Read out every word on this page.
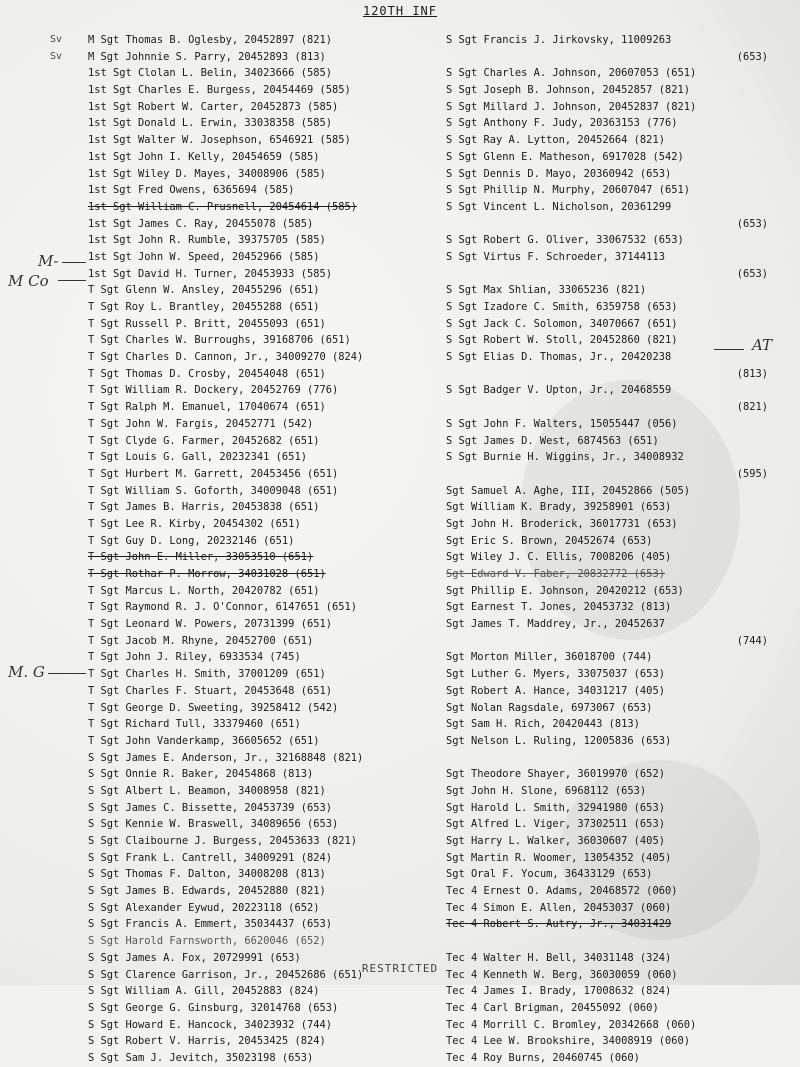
120TH INF
Sv
Sv
M Sgt Thomas B. Oglesby, 20452897 (821)
M Sgt Johnnie S. Parry, 20452893 (813)
1st Sgt Clolan L. Belin, 34023666 (585)
1st Sgt Charles E. Burgess, 20454469 (585)
1st Sgt Robert W. Carter, 20452873 (585)
1st Sgt Donald L. Erwin, 33038358 (585)
1st Sgt Walter W. Josephson, 6546921 (585)
1st Sgt John I. Kelly, 20454659 (585)
1st Sgt Wiley D. Mayes, 34008906 (585)
1st Sgt Fred Owens, 6365694 (585)
1st Sgt William C. Prusnell, 20454614 (585)
1st Sgt James C. Ray, 20455078 (585)
1st Sgt John R. Rumble, 39375705 (585)
1st Sgt John W. Speed, 20452966 (585)
1st Sgt David H. Turner, 20453933 (585)
T Sgt Glenn W. Ansley, 20455296 (651)
T Sgt Roy L. Brantley, 20455288 (651)
T Sgt Russell P. Britt, 20455093 (651)
T Sgt Charles W. Burroughs, 39168706 (651)
T Sgt Charles D. Cannon, Jr., 34009270 (824)
T Sgt Thomas D. Crosby, 20454048 (651)
T Sgt William R. Dockery, 20452769 (776)
T Sgt Ralph M. Emanuel, 17040674 (651)
T Sgt John W. Fargis, 20452771 (542)
T Sgt Clyde G. Farmer, 20452682 (651)
T Sgt Louis G. Gall, 20232341 (651)
T Sgt Hurbert M. Garrett, 20453456 (651)
T Sgt William S. Goforth, 34009048 (651)
T Sgt James B. Harris, 20453838 (651)
T Sgt Lee R. Kirby, 20454302 (651)
T Sgt Guy D. Long, 20232146 (651)
T Sgt John E. Miller, 33053510 (651)
T Sgt Rothar P. Morrow, 34031028 (651)
T Sgt Marcus L. North, 20420782 (651)
T Sgt Raymond R. J. O'Connor, 6147651 (651)
T Sgt Leonard W. Powers, 20731399 (651)
T Sgt Jacob M. Rhyne, 20452700 (651)
T Sgt John J. Riley, 6933534 (745)
T Sgt Charles H. Smith, 37001209 (651)
T Sgt Charles F. Stuart, 20453648 (651)
T Sgt George D. Sweeting, 39258412 (542)
T Sgt Richard Tull, 33379460 (651)
T Sgt John Vanderkamp, 36605652 (651)
S Sgt James E. Anderson, Jr., 32168848 (821)
S Sgt Onnie R. Baker, 20454868 (813)
S Sgt Albert L. Beamon, 34008958 (821)
S Sgt James C. Bissette, 20453739 (653)
S Sgt Kennie W. Braswell, 34089656 (653)
S Sgt Claibourne J. Burgess, 20453633 (821)
S Sgt Frank L. Cantrell, 34009291 (824)
S Sgt Thomas F. Dalton, 34008208 (813)
S Sgt James B. Edwards, 20452880 (821)
S Sgt Alexander Eywud, 20223118 (652)
S Sgt Francis A. Emmert, 35034437 (653)
S Sgt Harold Farnsworth, 6620046 (652)
S Sgt James A. Fox, 20729991 (653)
S Sgt Clarence Garrison, Jr., 20452686 (651)
S Sgt William A. Gill, 20452883 (824)
S Sgt George G. Ginsburg, 32014768 (653)
S Sgt Howard E. Hancock, 34023932 (744)
S Sgt Robert V. Harris, 20453425 (824)
S Sgt Sam J. Jevitch, 35023198 (653)
S Sgt Francis J. Jirkovsky, 11009263
(653)
S Sgt Charles A. Johnson, 20607053 (651)
S Sgt Joseph B. Johnson, 20452857 (821)
S Sgt Millard J. Johnson, 20452837 (821)
S Sgt Anthony F. Judy, 20363153 (776)
S Sgt Ray A. Lytton, 20452664 (821)
S Sgt Glenn E. Matheson, 6917028 (542)
S Sgt Dennis D. Mayo, 20360942 (653)
S Sgt Phillip N. Murphy, 20607047 (651)
S Sgt Vincent L. Nicholson, 20361299
(653)
S Sgt Robert G. Oliver, 33067532 (653)
S Sgt Virtus F. Schroeder, 37144113
(653)
S Sgt Max Shlian, 33065236 (821)
S Sgt Izadore C. Smith, 6359758 (653)
S Sgt Jack C. Solomon, 34070667 (651)
S Sgt Robert W. Stoll, 20452860 (821)
S Sgt Elias D. Thomas, Jr., 20420238
(813)
S Sgt Badger V. Upton, Jr., 20468559
(821)
S Sgt John F. Walters, 15055447 (056)
S Sgt James D. West, 6874563 (651)
S Sgt Burnie H. Wiggins, Jr., 34008932
(595)
Sgt Samuel A. Aghe, III, 20452866 (505)
Sgt William K. Brady, 39258901 (653)
Sgt John H. Broderick, 36017731 (653)
Sgt Eric S. Brown, 20452674 (653)
Sgt Wiley J. C. Ellis, 7008206 (405)
Sgt Edward V. Faber, 20832772 (653)
Sgt Phillip E. Johnson, 20420212 (653)
Sgt Earnest T. Jones, 20453732 (813)
Sgt James T. Maddrey, Jr., 20452637
(744)
Sgt Morton Miller, 36018700 (744)
Sgt Luther G. Myers, 33075037 (653)
Sgt Robert A. Hance, 34031217 (405)
Sgt Nolan Ragsdale, 6973067 (653)
Sgt Sam H. Rich, 20420443 (813)
Sgt Nelson L. Ruling, 12005836 (653)
Sgt Theodore Shayer, 36019970 (652)
Sgt John H. Slone, 6968112 (653)
Sgt Harold L. Smith, 32941980 (653)
Sgt Alfred L. Viger, 37302511 (653)
Sgt Harry L. Walker, 36030607 (405)
Sgt Martin R. Woomer, 13054352 (405)
Sgt Oral F. Yocum, 36433129 (653)
Tec 4 Ernest O. Adams, 20468572 (060)
Tec 4 Simon E. Allen, 20453037 (060)
Tec 4 Robert S. Autry, Jr., 34031429
Tec 4 Walter H. Bell, 34031148 (324)
Tec 4 Kenneth W. Berg, 36030059 (060)
Tec 4 James I. Brady, 17008632 (824)
Tec 4 Carl Brigman, 20455092 (060)
Tec 4 Morrill C. Bromley, 20342668 (060)
Tec 4 Lee W. Brookshire, 34008919 (060)
Tec 4 Roy Burns, 20460745 (060)
M-
M Co
AT
M. G
RESTRICTED
